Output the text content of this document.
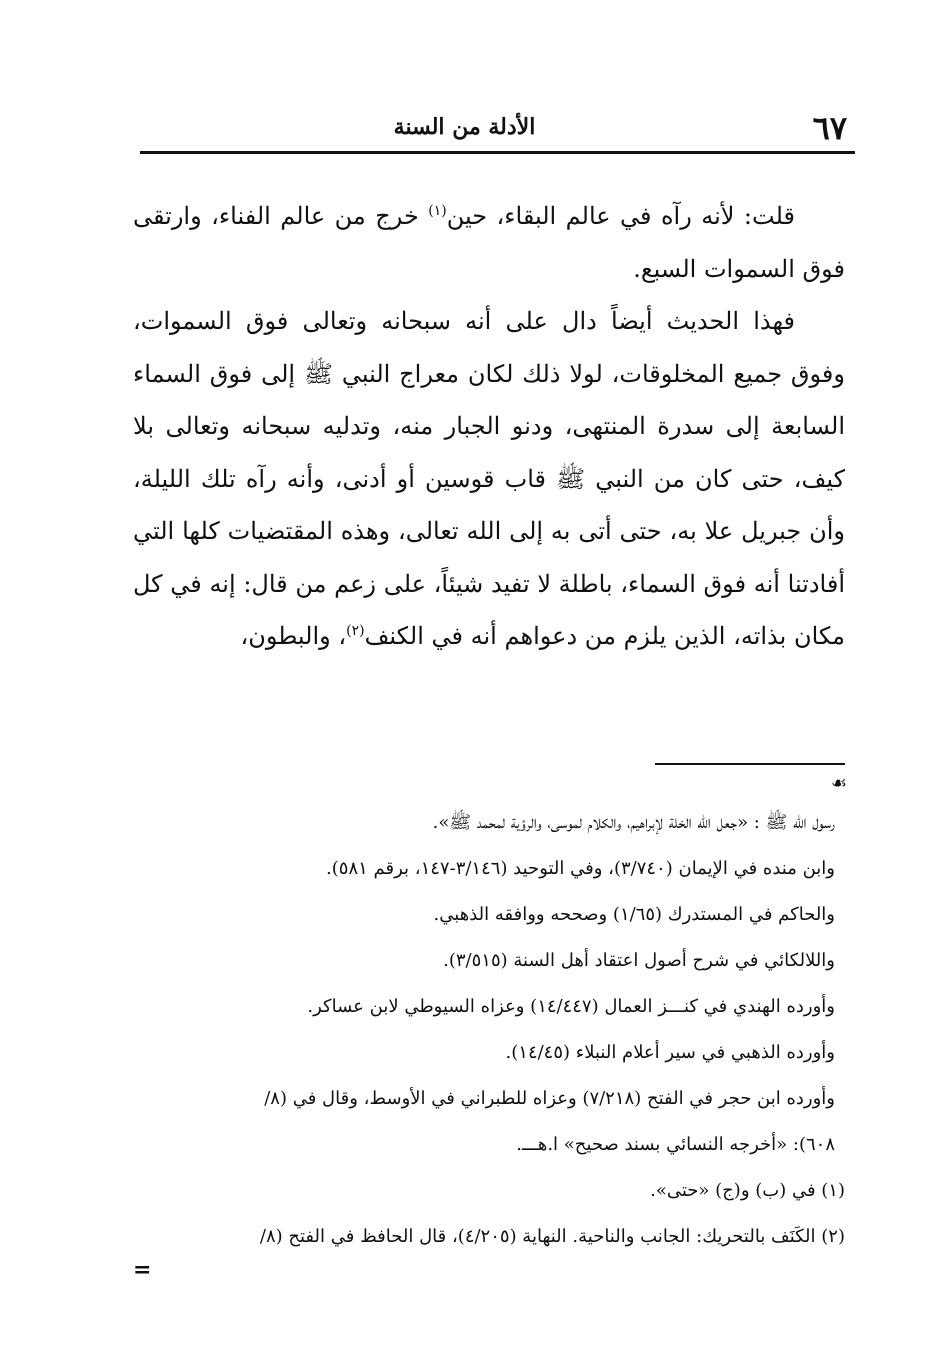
٦٧
الأدلة من السنة

قلت: لأنه رآه في عالم البقاء، حين$^{(١)}$ خرج من عالم الفناء، وارتقى فوق السموات السبع.

فهذا الحديث أيضاً دال على أنه سبحانه وتعالى فوق السموات، وفوق جميع المخلوقات، لولا ذلك لكان معراج النبي ﷺ إلى فوق السماء السابعة إلى سدرة المنتهى، ودنو الجبار منه، وتدليه سبحانه وتعالى بلا كيف، حتى كان من النبي ﷺ قاب قوسين أو أدنى، وأنه رآه تلك الليلة، وأن جبريل علا به، حتى أتى به إلى الله تعالى، وهذه المقتضيات كلها التي أفادتنا أنه فوق السماء، باطلة لا تفيد شيئاً، على زعم من قال: إنه في كل مكان بذاته، الذين يلزم من دعواهم أنه في الكنف$^{(٢)}$، والبطون،

☙

رسول الله ﷺ : «جعل الله الخلة لإبراهيم، والكلام لموسى، والرؤية لمحمد ﷺ».

وابن منده في الإيمان (٣/٧٤٠)، وفي التوحيد (٣/١٤٦-١٤٧، برقم ٥٨١).

والحاكم في المستدرك (١/٦٥) وصححه ووافقه الذهبي.

واللالكائي في شرح أصول اعتقاد أهل السنة (٣/٥١٥).

وأورده الهندي في كنـــز العمال (١٤/٤٤٧) وعزاه السيوطي لابن عساكر.

وأورده الذهبي في سير أعلام النبلاء (١٤/٤٥).

وأورده ابن حجر في الفتح (٧/٢١٨) وعزاه للطبراني في الأوسط، وقال في (٨/

٦٠٨): «أخرجه النسائي بسند صحيح» ا.هـــ.

(١) في (ب) و(ج) «حتى».

(٢) الكَنَف بالتحريك: الجانب والناحية. النهاية (٤/٢٠٥)، قال الحافظ في الفتح (٨/

=
